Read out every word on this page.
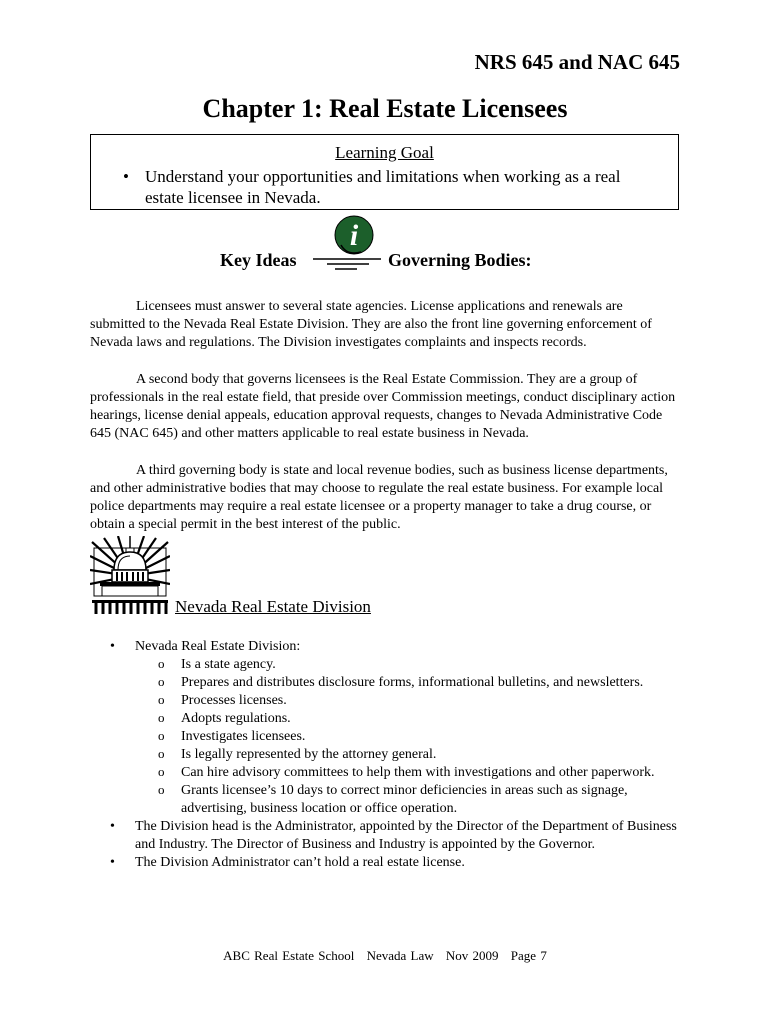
NRS 645 and NAC 645
Chapter 1: Real Estate Licensees
Learning Goal
• Understand your opportunities and limitations when working as a real estate licensee in Nevada.
Key Ideas
i
Governing Bodies:
Licensees must answer to several state agencies. License applications and renewals are submitted to the Nevada Real Estate Division. They are also the front line governing enforcement of Nevada laws and regulations. The Division investigates complaints and inspects records.
A second body that governs licensees is the Real Estate Commission. They are a group of professionals in the real estate field, that preside over Commission meetings, conduct disciplinary action hearings, license denial appeals, education approval requests, changes to Nevada Administrative Code 645 (NAC 645) and other matters applicable to real estate business in Nevada.
A third governing body is state and local revenue bodies, such as business license departments, and other administrative bodies that may choose to regulate the real estate business. For example local police departments may require a real estate licensee or a property manager to take a drug course, or obtain a special permit in the best interest of the public.
Nevada Real Estate Division
• Nevada Real Estate Division:
o Is a state agency.
o Prepares and distributes disclosure forms, informational bulletins, and newsletters.
o Processes licenses.
o Adopts regulations.
o Investigates licensees.
o Is legally represented by the attorney general.
o Can hire advisory committees to help them with investigations and other paperwork.
o Grants licensee’s 10 days to correct minor deficiencies in areas such as signage, advertising, business location or office operation.
• The Division head is the Administrator, appointed by the Director of the Department of Business and Industry. The Director of Business and Industry is appointed by the Governor.
• The Division Administrator can’t hold a real estate license.
ABC Real Estate School Nevada Law Nov 2009 Page 7
